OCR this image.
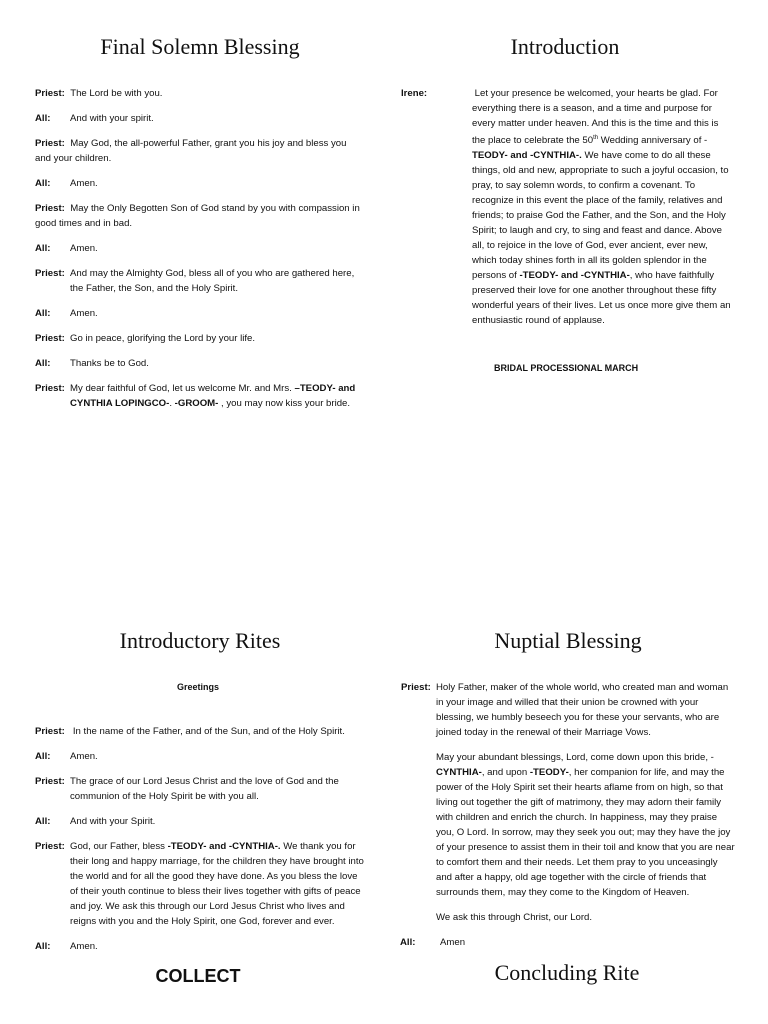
Final Solemn Blessing
Priest: The Lord be with you.
All: And with your spirit.
Priest: May God, the all-powerful Father, grant you his joy and bless you and your children.
All: Amen.
Priest: May the Only Begotten Son of God stand by you with compassion in good times and in bad.
All: Amen.
Priest: And may the Almighty God, bless all of you who are gathered here, the Father, the Son, and the Holy Spirit.
All: Amen.
Priest: Go in peace, glorifying the Lord by your life.
All: Thanks be to God.
Priest: My dear faithful of God, let us welcome Mr. and Mrs. –TEODY- and CYNTHIA LOPINGCO-. -GROOM- , you may now kiss your bride.
Introduction
Irene:	Let your presence be welcomed, your hearts be glad. For everything there is a season, and a time and purpose for every matter under heaven. And this is the time and this is the place to celebrate the 50th Wedding anniversary of - TEODY- and -CYNTHIA-. We have come to do all these things, old and new, appropriate to such a joyful occasion, to pray, to say solemn words, to confirm a covenant. To recognize in this event the place of the family, relatives and friends; to praise God the Father, and the Son, and the Holy Spirit; to laugh and cry, to sing and feast and dance. Above all, to rejoice in the love of God, ever ancient, ever new, which today shines forth in all its golden splendor in the persons of -TEODY- and -CYNTHIA-, who have faithfully preserved their love for one another throughout these fifty wonderful years of their lives. Let us once more give them an enthusiastic round of applause.
BRIDAL PROCESSIONAL MARCH
Introductory Rites
Greetings
Priest:   In the name of the Father, and of the Sun, and of the Holy Spirit.
All: Amen.
Priest: The grace of our Lord Jesus Christ and the love of God and the communion of the Holy Spirit be with you all.
All: And with your Spirit.
Priest: God, our Father, bless -TEODY- and -CYNTHIA-. We thank you for their long and happy marriage, for the children they have brought into the world and for all the good they have done. As you bless the love of their youth continue to bless their lives together with gifts of peace and joy. We ask this through our Lord Jesus Christ who lives and reigns with you and the Holy Spirit, one God, forever and ever.
All: Amen.
COLLECT
Nuptial Blessing
Priest: Holy Father, maker of the whole world, who created man and woman in your image and willed that their union be crowned with your blessing, we humbly beseech you for these your servants, who are joined today in the renewal of their Marriage Vows.
May your abundant blessings, Lord, come down upon this bride, - CYNTHIA-, and upon -TEODY-, her companion for life, and may the power of the Holy Spirit set their hearts aflame from on high, so that living out together the gift of matrimony, they may adorn their family with children and enrich the church. In happiness, may they praise you, O Lord. In sorrow, may they seek you out; may they have the joy of your presence to assist them in their toil and know that you are near to comfort them and their needs. Let them pray to you unceasingly and after a happy, old age together with the circle of friends that surrounds them, may they come to the Kingdom of Heaven.
We ask this through Christ, our Lord.
All:	Amen
Concluding Rite
